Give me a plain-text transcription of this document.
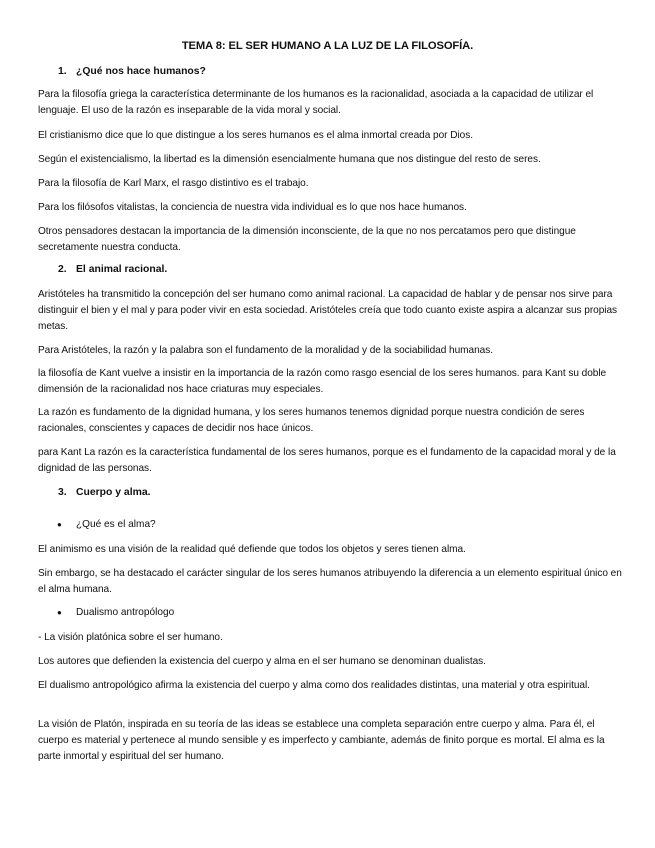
TEMA 8: EL SER HUMANO A LA LUZ DE LA FILOSOFÍA.
1. ¿Qué nos hace humanos?
Para la filosofía griega la característica determinante de los humanos es la racionalidad, asociada a la capacidad de utilizar el lenguaje. El uso de la razón es inseparable de la vida moral y social.
El cristianismo dice que lo que distingue a los seres humanos es el alma inmortal creada por Dios.
Según el existencialismo, la libertad es la dimensión esencialmente humana que nos distingue del resto de seres.
Para la filosofía de Karl Marx, el rasgo distintivo es el trabajo.
Para los filósofos vitalistas, la conciencia de nuestra vida individual es lo que nos hace humanos.
Otros pensadores destacan la importancia de la dimensión inconsciente, de la que no nos percatamos pero que distingue secretamente nuestra conducta.
2. El animal racional.
Aristóteles ha transmitido la concepción del ser humano como animal racional. La capacidad de hablar y de pensar nos sirve para distinguir el bien y el mal y para poder vivir en esta sociedad. Aristóteles creía que todo cuanto existe aspira a alcanzar sus propias metas.
Para Aristóteles, la razón y la palabra son el fundamento de la moralidad y de la sociabilidad humanas.
la filosofía de Kant vuelve a insistir en la importancia de la razón como rasgo esencial de los seres humanos. para Kant su doble dimensión de la racionalidad nos hace criaturas muy especiales.
La razón es fundamento de la dignidad humana, y los seres humanos tenemos dignidad porque nuestra condición de seres racionales, conscientes y capaces de decidir nos hace únicos.
para Kant La razón es la característica fundamental de los seres humanos, porque es el fundamento de la capacidad moral y de la dignidad de las personas.
3. Cuerpo y alma.
● ¿Qué es el alma?
El animismo es una visión de la realidad qué defiende que todos los objetos y seres tienen alma.
Sin embargo, se ha destacado el carácter singular de los seres humanos atribuyendo la diferencia a un elemento espiritual único en el alma humana.
● Dualismo antropólogo
- La visión platónica sobre el ser humano.
Los autores que defienden la existencia del cuerpo y alma en el ser humano se denominan dualistas.
El dualismo antropológico afirma la existencia del cuerpo y alma como dos realidades distintas, una material y otra espiritual.
La visión de Platón, inspirada en su teoría de las ideas se establece una completa separación entre cuerpo y alma. Para él, el cuerpo es material y pertenece al mundo sensible y es imperfecto y cambiante, además de finito porque es mortal. El alma es la parte inmortal y espiritual del ser humano.
